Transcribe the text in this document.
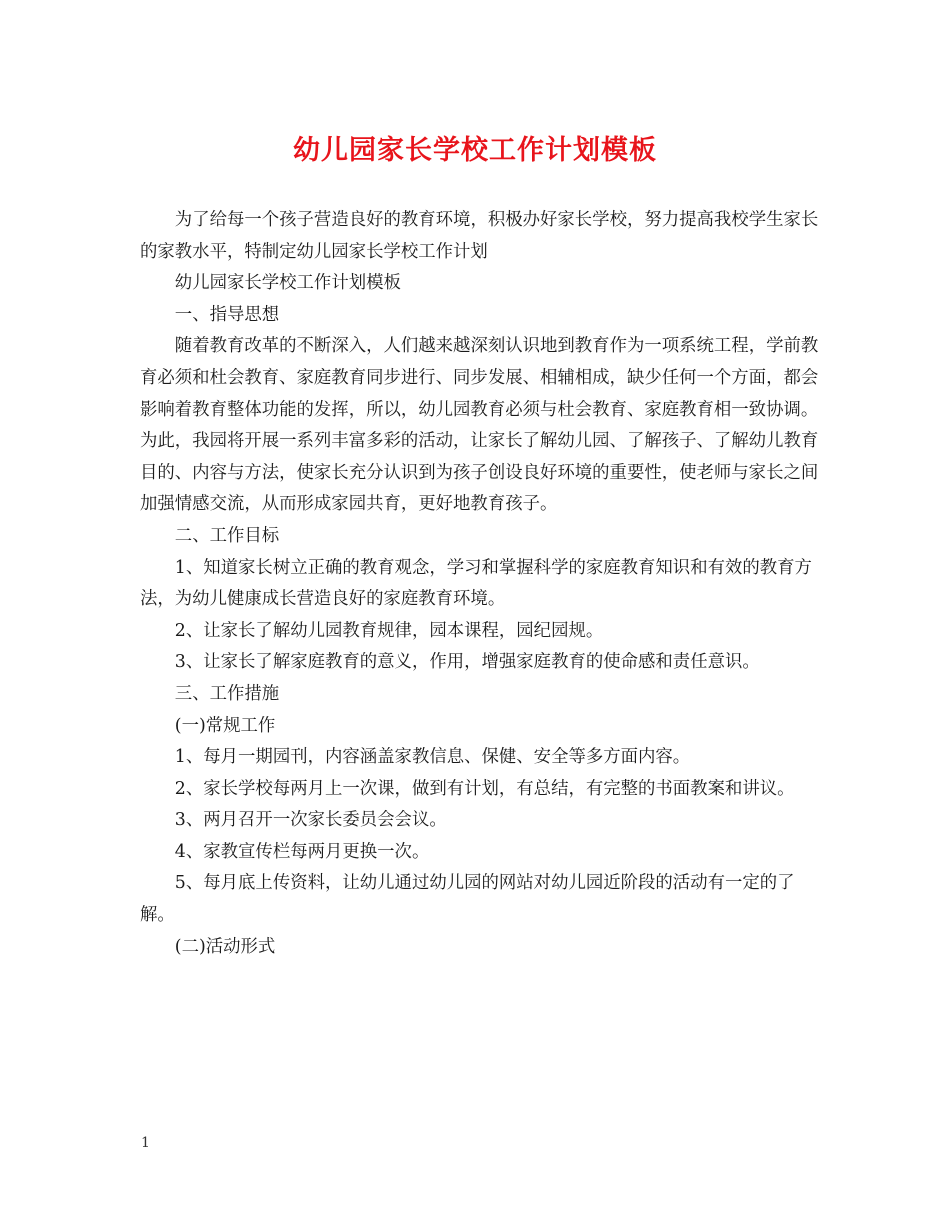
幼儿园家长学校工作计划模板

为了给每一个孩子营造良好的教育环境，积极办好家长学校，努力提高我校学生家长的家教水平，特制定幼儿园家长学校工作计划

幼儿园家长学校工作计划模板

一、指导思想

随着教育改革的不断深入，人们越来越深刻认识地到教育作为一项系统工程，学前教育必须和杜会教育、家庭教育同步进行、同步发展、相辅相成，缺少任何一个方面，都会影响着教育整体功能的发挥，所以，幼儿园教育必须与杜会教育、家庭教育相一致协调。为此，我园将开展一系列丰富多彩的活动，让家长了解幼儿园、了解孩子、了解幼儿教育目的、内容与方法，使家长充分认识到为孩子创设良好环境的重要性，使老师与家长之间加强情感交流，从而形成家园共育，更好地教育孩子。

二、工作目标

1、知道家长树立正确的教育观念，学习和掌握科学的家庭教育知识和有效的教育方法，为幼儿健康成长营造良好的家庭教育环境。

2、让家长了解幼儿园教育规律，园本课程，园纪园规。

3、让家长了解家庭教育的意义，作用，增强家庭教育的使命感和责任意识。

三、工作措施

(一)常规工作

1、每月一期园刊，内容涵盖家教信息、保健、安全等多方面内容。

2、家长学校每两月上一次课，做到有计划，有总结，有完整的书面教案和讲议。

3、两月召开一次家长委员会会议。

4、家教宣传栏每两月更换一次。

5、每月底上传资料，让幼儿通过幼儿园的网站对幼儿园近阶段的活动有一定的了解。

(二)活动形式

1
